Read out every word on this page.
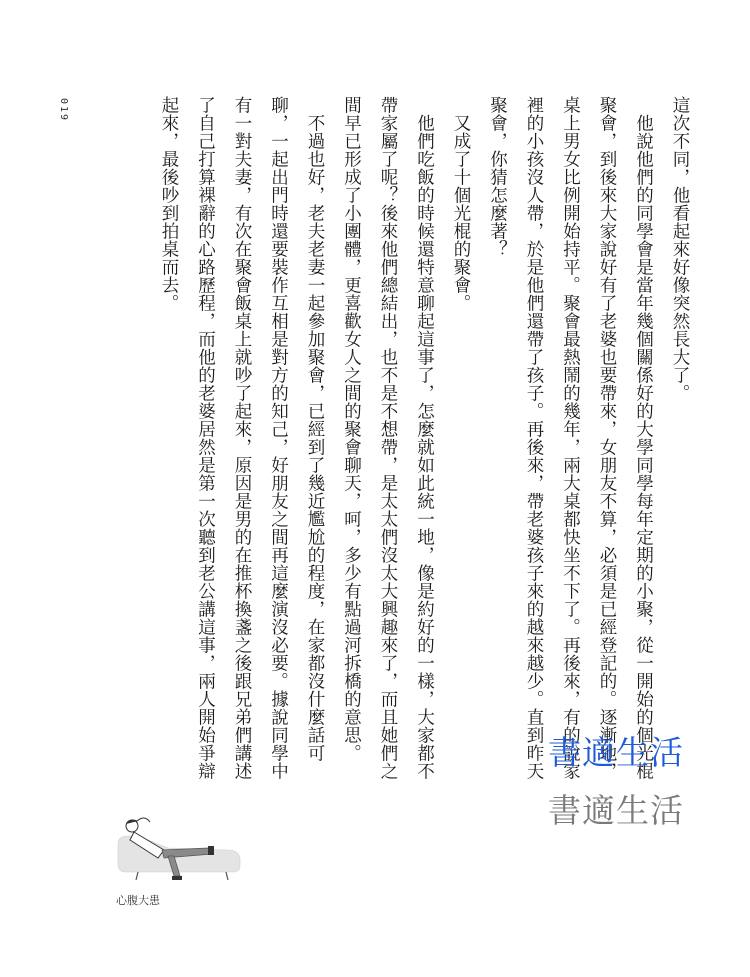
019	這次不同，他看起來好像突然長大了。

他說他們的同學會是當年幾個關係好的大學同學每年定期的小聚，從一開始的個光棍聚會，到後來大家說好有了老婆也要帶來，女朋友不算，必須是已經登記的。逐漸地，桌上男女比例開始持平。聚會最熱鬧的幾年，兩大桌都快坐不下了。再後來，有的說家裡的小孩沒人帶，於是他們還帶了孩子。再後來，帶老婆孩子來的越來越少。直到昨天聚會，你猜怎麼著？

又成了十個光棍的聚會。

他們吃飯的時候還特意聊起這事了，怎麼就如此統一地，像是約好的一樣，大家都不帶家屬了呢？後來他們總結出，也不是不想帶，是太太們沒太大興趣來了，而且她們之間早已形成了小團體，更喜歡女人之間的聚會聊天，呵，多少有點過河拆橋的意思。

不過也好，老夫老妻一起參加聚會，已經到了幾近尷尬的程度，在家都沒什麼話可聊，一起出門時還要裝作互相是對方的知己，好朋友之間再這麼演沒必要。據說同學中有一對夫妻，有次在聚會飯桌上就吵了起來，原因是男的在推杯換盞之後跟兄弟們講述了自己打算裸辭的心路歷程，而他的老婆居然是第一次聽到老公講這事，兩人開始爭辯起來，最後吵到拍桌而去。

書適生活
書適生活
心腹大患
